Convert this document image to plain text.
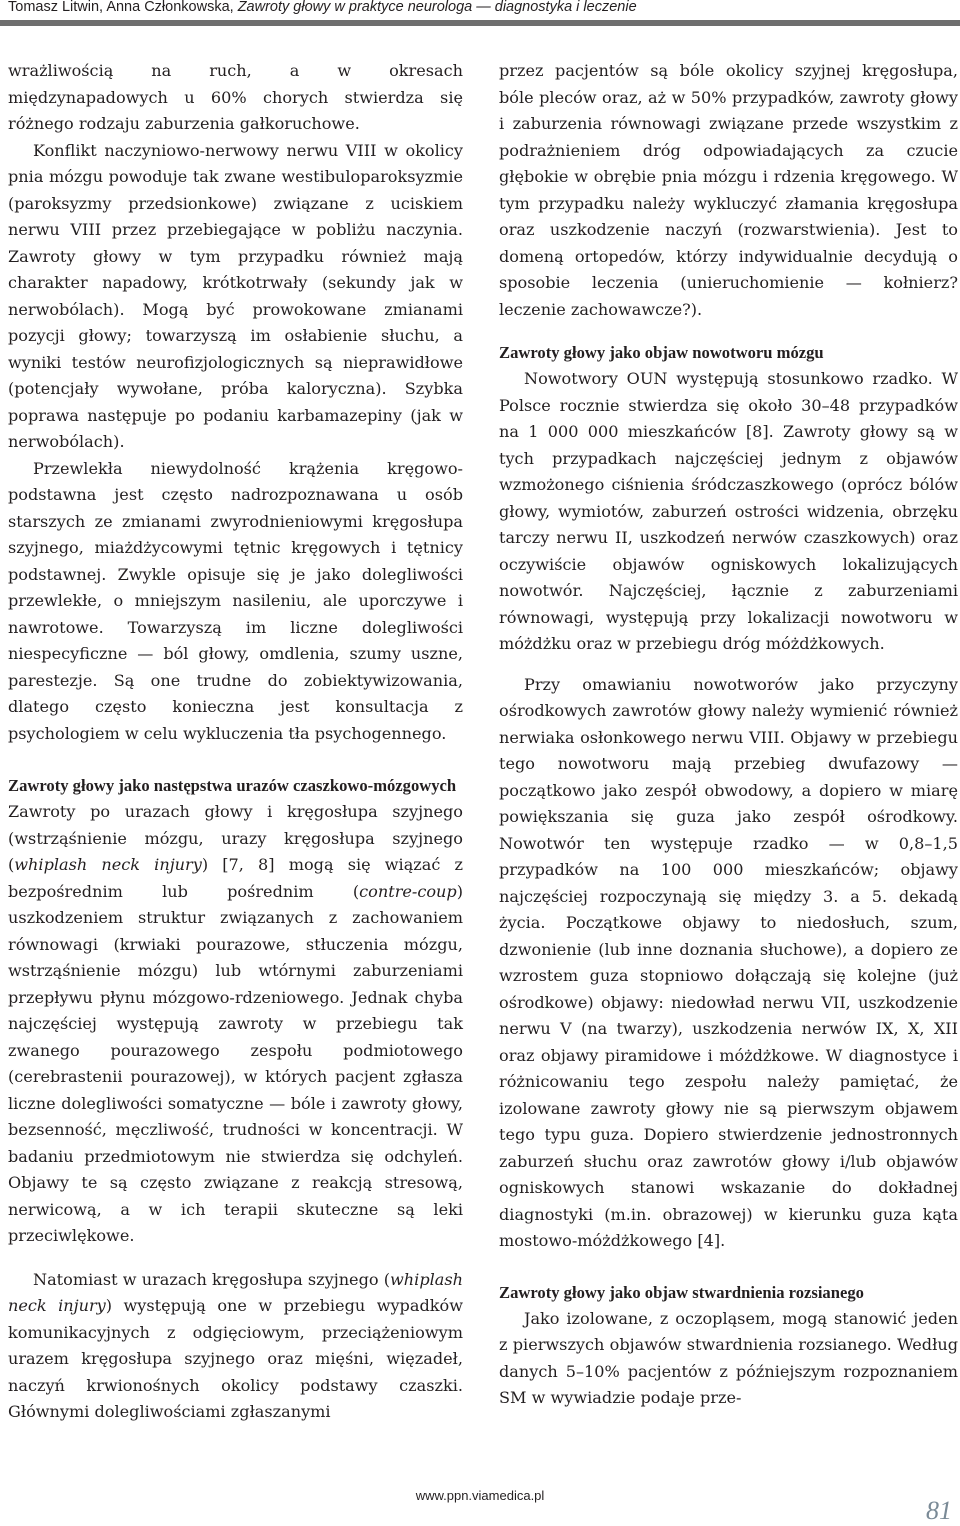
Tomasz Litwin, Anna Członkowska, Zawroty głowy w praktyce neurologa — diagnostyka i leczenie

wrażliwością na ruch, a w okresach międzynapadowych u 60% chorych stwierdza się różnego rodzaju zaburzenia gałkoruchowe.

Konflikt naczyniowo-nerwowy nerwu VIII w okolicy pnia mózgu powoduje tak zwane westibuloparoksyzmie (paroksyzmy przedsionkowe) związane z uciskiem nerwu VIII przez przebiegające w pobliżu naczynia. Zawroty głowy w tym przypadku również mają charakter napadowy, krótkotrwały (sekundy jak w nerwobólach). Mogą być prowokowane zmianami pozycji głowy; towarzyszą im osłabienie słuchu, a wyniki testów neurofizjologicznych są nieprawidłowe (potencjały wywołane, próba kaloryczna). Szybka poprawa następuje po podaniu karbamazepiny (jak w nerwobólach).

Przewlekła niewydolność krążenia kręgowo-podstawna jest często nadrozpoznawana u osób starszych ze zmianami zwyrodnieniowymi kręgosłupa szyjnego, miażdżycowymi tętnic kręgowych i tętnicy podstawnej. Zwykle opisuje się je jako dolegliwości przewlekłe, o mniejszym nasileniu, ale uporczywe i nawrotowe. Towarzyszą im liczne dolegliwości niespecyficzne — ból głowy, omdlenia, szumy uszne, parestezje. Są one trudne do zobiektywizowania, dlatego często konieczna jest konsultacja z psychologiem w celu wykluczenia tła psychogennego.

Zawroty głowy jako następstwa urazów czaszkowo-mózgowych

Zawroty po urazach głowy i kręgosłupa szyjnego (wstrząśnienie mózgu, urazy kręgosłupa szyjnego (whiplash neck injury) [7, 8] mogą się wiązać z bezpośrednim lub pośrednim (contre-coup) uszkodzeniem struktur związanych z zachowaniem równowagi (krwiaki pourazowe, stłuczenia mózgu, wstrząśnienie mózgu) lub wtórnymi zaburzeniami przepływu płynu mózgowo-rdzeniowego. Jednak chyba najczęściej występują zawroty w przebiegu tak zwanego pourazowego zespołu podmiotowego (cerebrastenii pourazowej), w których pacjent zgłasza liczne dolegliwości somatyczne — bóle i zawroty głowy, bezsenność, męczliwość, trudności w koncentracji. W badaniu przedmiotowym nie stwierdza się odchyleń. Objawy te są często związane z reakcją stresową, nerwicową, a w ich terapii skuteczne są leki przeciwlękowe.

Natomiast w urazach kręgosłupa szyjnego (whiplash neck injury) występują one w przebiegu wypadków komunikacyjnych z odgięciowym, przeciążeniowym urazem kręgosłupa szyjnego oraz mięśni, więzadeł, naczyń krwionośnych okolicy podstawy czaszki. Głównymi dolegliwościami zgłaszanymi

przez pacjentów są bóle okolicy szyjnej kręgosłupa, bóle pleców oraz, aż w 50% przypadków, zawroty głowy i zaburzenia równowagi związane przede wszystkim z podrażnieniem dróg odpowiadających za czucie głębokie w obrębie pnia mózgu i rdzenia kręgowego. W tym przypadku należy wykluczyć złamania kręgosłupa oraz uszkodzenie naczyń (rozwarstwienia). Jest to domeną ortopedów, którzy indywidualnie decydują o sposobie leczenia (unieruchomienie — kołnierz? leczenie zachowawcze?).

Zawroty głowy jako objaw nowotworu mózgu

Nowotwory OUN występują stosunkowo rzadko. W Polsce rocznie stwierdza się około 30–48 przypadków na 1 000 000 mieszkańców [8]. Zawroty głowy są w tych przypadkach najczęściej jednym z objawów wzmożonego ciśnienia śródczaszkowego (oprócz bólów głowy, wymiotów, zaburzeń ostrości widzenia, obrzęku tarczy nerwu II, uszkodzeń nerwów czaszkowych) oraz oczywiście objawów ogniskowych lokalizujących nowotwór. Najczęściej, łącznie z zaburzeniami równowagi, występują przy lokalizacji nowotworu w móżdżku oraz w przebiegu dróg móżdżkowych.

Przy omawianiu nowotworów jako przyczyny ośrodkowych zawrotów głowy należy wymienić również nerwiaka osłonkowego nerwu VIII. Objawy w przebiegu tego nowotworu mają przebieg dwufazowy — początkowo jako zespół obwodowy, a dopiero w miarę powiększania się guza jako zespół ośrodkowy. Nowotwór ten występuje rzadko — w 0,8–1,5 przypadków na 100 000 mieszkańców; objawy najczęściej rozpoczynają się między 3. a 5. dekadą życia. Początkowe objawy to niedosłuch, szum, dzwonienie (lub inne doznania słuchowe), a dopiero ze wzrostem guza stopniowo dołączają się kolejne (już ośrodkowe) objawy: niedowład nerwu VII, uszkodzenie nerwu V (na twarzy), uszkodzenia nerwów IX, X, XII oraz objawy piramidowe i móżdżkowe. W diagnostyce i różnicowaniu tego zespołu należy pamiętać, że izolowane zawroty głowy nie są pierwszym objawem tego typu guza. Dopiero stwierdzenie jednostronnych zaburzeń słuchu oraz zawrotów głowy i/lub objawów ogniskowych stanowi wskazanie do dokładnej diagnostyki (m.in. obrazowej) w kierunku guza kąta mostowo-móżdżkowego [4].

Zawroty głowy jako objaw stwardnienia rozsianego

Jako izolowane, z oczopląsem, mogą stanowić jeden z pierwszych objawów stwardnienia rozsianego. Według danych 5–10% pacjentów z późniejszym rozpoznaniem SM w wywiadzie podaje prze-

www.ppn.viamedica.pl
81
